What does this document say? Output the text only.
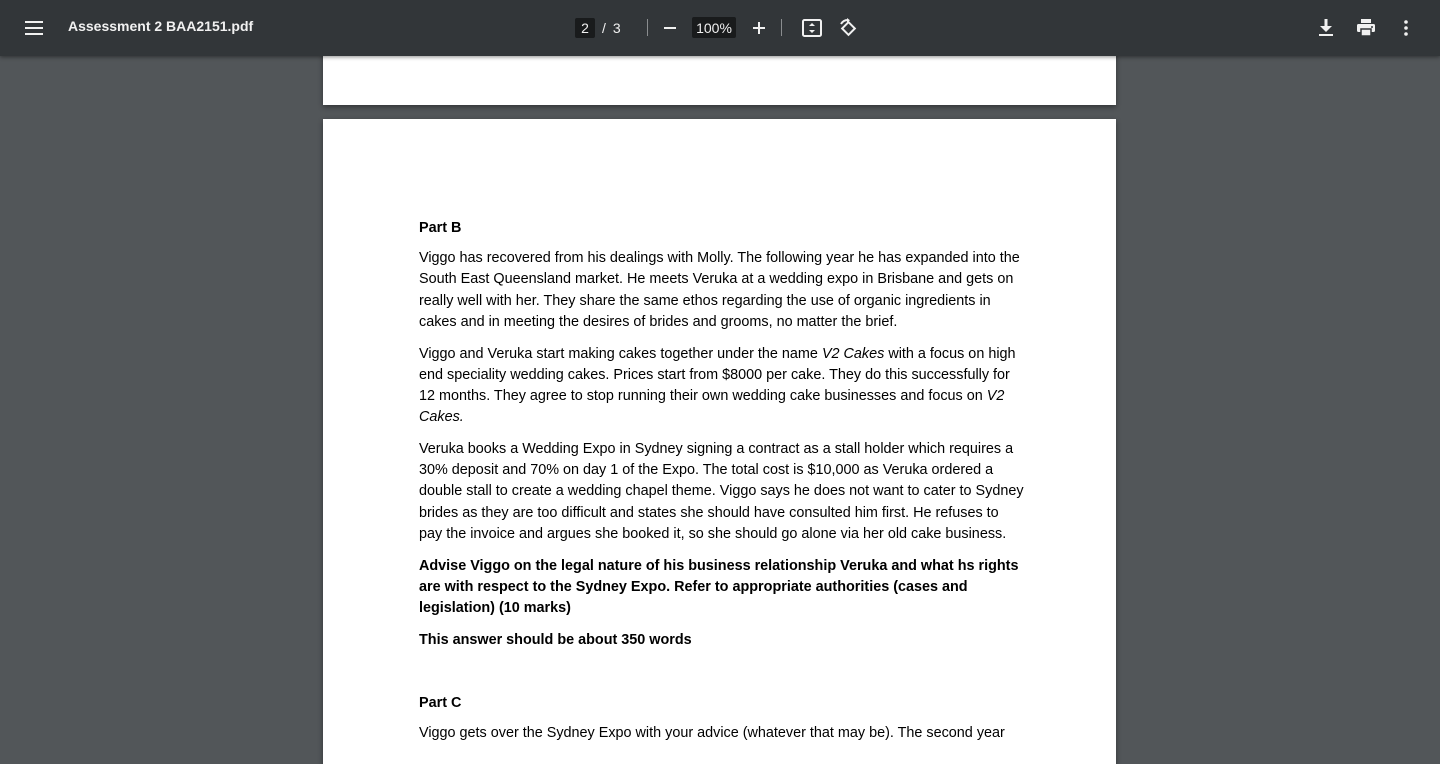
Assessment 2 BAA2151.pdf
2	/ 3
100%

Part B

Viggo has recovered from his dealings with Molly. The following year he has expanded into the South East Queensland market. He meets Veruka at a wedding expo in Brisbane and gets on really well with her. They share the same ethos regarding the use of organic ingredients in cakes and in meeting the desires of brides and grooms, no matter the brief.

Viggo and Veruka start making cakes together under the name V2 Cakes with a focus on high end speciality wedding cakes. Prices start from $8000 per cake. They do this successfully for 12 months. They agree to stop running their own wedding cake businesses and focus on V2 Cakes.

Veruka books a Wedding Expo in Sydney signing a contract as a stall holder which requires a 30% deposit and 70% on day 1 of the Expo. The total cost is $10,000 as Veruka ordered a double stall to create a wedding chapel theme. Viggo says he does not want to cater to Sydney brides as they are too difficult and states she should have consulted him first. He refuses to pay the invoice and argues she booked it, so she should go alone via her old cake business.

Advise Viggo on the legal nature of his business relationship Veruka and what hs rights are with respect to the Sydney Expo. Refer to appropriate authorities (cases and legislation) (10 marks)

This answer should be about 350 words

Part C

Viggo gets over the Sydney Expo with your advice (whatever that may be). The second year
